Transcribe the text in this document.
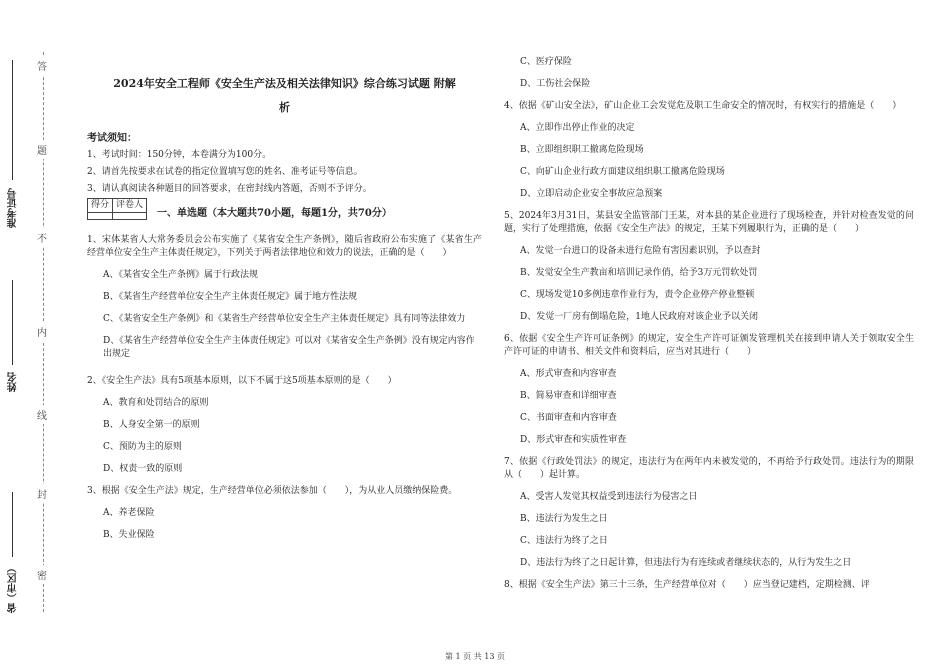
答
题
不
内
线
封
密
准考证号
姓名
省（市区）
2024年安全工程师《安全生产法及相关法律知识》综合练习试题 附解
析
考试须知：
1、考试时间：150分钟，本卷满分为100分。
2、请首先按要求在试卷的指定位置填写您的姓名、准考证号等信息。
3、请认真阅读各种题目的回答要求，在密封线内答题，否则不予评分。
得分	评卷人

一、单选题（本大题共70小题，每题1分，共70分）
1、宋体某省人大常务委员会公布实施了《某省安全生产条例》，随后省政府公布实施了《某省生产经营单位安全生产主体责任规定》，下列关于两者法律地位和效力的说法，正确的是（　　）
A、《某省安全生产条例》属于行政法规
B、《某省生产经营单位安全生产主体责任规定》属于地方性法规
C、《某省安全生产条例》和《某省生产经营单位安全生产主体责任规定》具有同等法律效力
D、《某省生产经营单位安全生产主体责任规定》可以对《某省安全生产条例》没有规定内容作出规定
2、《安全生产法》具有5项基本原则，以下不属于这5项基本原则的是（　　）
A、教育和处罚结合的原则
B、人身安全第一的原则
C、预防为主的原则
D、权责一致的原则
3、根据《安全生产法》规定，生产经营单位必须依法参加（　　），为从业人员缴纳保险费。
A、养老保险
B、失业保险
C、医疗保险
D、工伤社会保险
4、依据《矿山安全法》，矿山企业工会发觉危及职工生命安全的情况时，有权实行的措施是（　　）
A、立即作出停止作业的决定
B、立即组织职工撤离危险现场
C、向矿山企业行政方面建议组织职工撤离危险现场
D、立即启动企业安全事故应急预案
5、2024年3月31日，某县安全监管部门王某，对本县的某企业进行了现场检查，并针对检查发觉的问题，实行了处理措施，依据《安全生产法》的规定，王某下列履职行为，正确的是（　　）
A、发觉一台进口的设备未进行危险有害因素识别，予以查封
B、发觉安全生产教亩和培训记录作俏，给予3万元罚软处罚
C、现场发觉10多例违章作业行为，责令企业停产停业整顿
D、发觉一厂房有倒塌危险，1地人民政府对该企业予以关闭
6、依据《安全生产许可证条例》的规定，安全生产许可证颁发管理机关在接到申请人关于领取安全生产许可证的申请书、相关文件和资料后，应当对其进行（　　）
A、形式审查和内容审查
B、简易审查和详细审查
C、书面审查和内容审查
D、形式审查和实质性审查
7、依据《行政处罚法》的规定，违法行为在两年内未被发觉的，不再给予行政处罚。违法行为的期限从（　　）起计算。
A、受害人发觉其权益受到违法行为侵害之日
B、违法行为发生之日
C、违法行为终了之日
D、违法行为终了之日起计算，但违法行为有连续或者继续状态的，从行为发生之日
8、根据《安全生产法》第三十三条，生产经营单位对（　　）应当登记建档，定期检测、评
第 1 页 共 13 页
